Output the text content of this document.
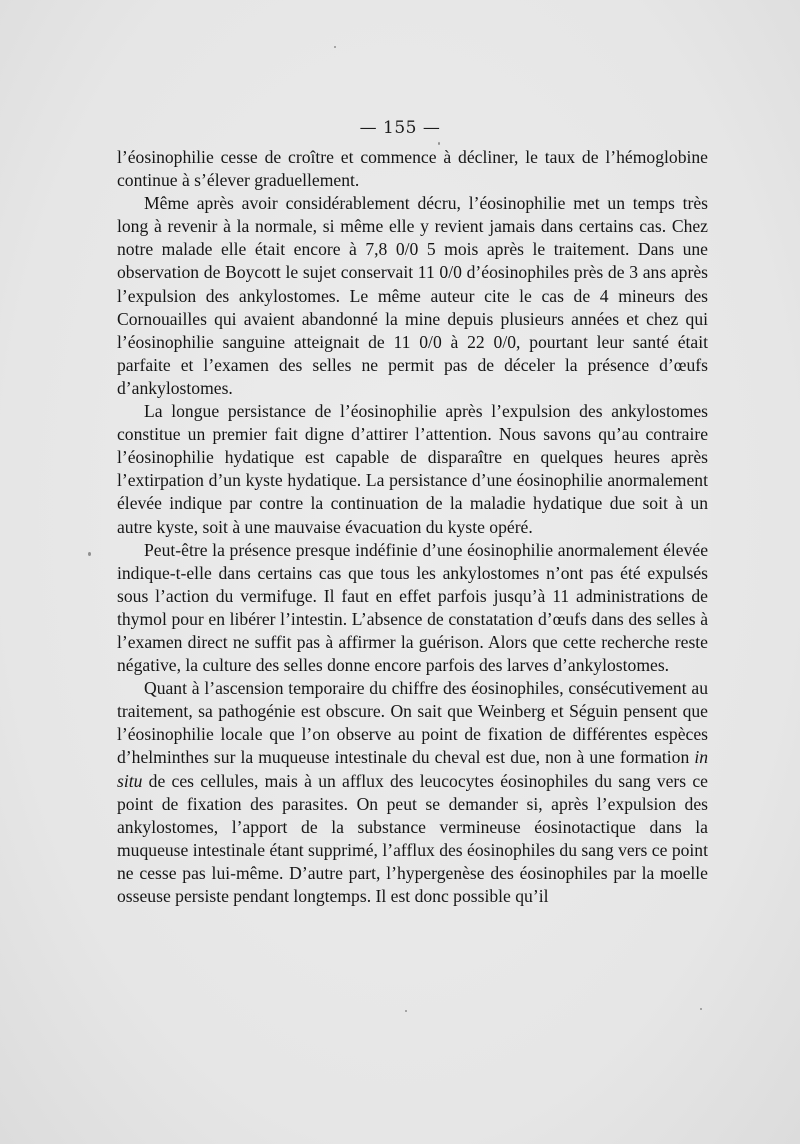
— 155 —

l’éosinophilie cesse de croître et commence à décliner, le taux de l’hémoglobine continue à s’élever graduellement.

Même après avoir considérablement décru, l’éosinophilie met un temps très long à revenir à la normale, si même elle y revient jamais dans certains cas. Chez notre malade elle était encore à 7,8 0/0 5 mois après le traitement. Dans une observation de Boycott le sujet conservait 11 0/0 d’éosinophiles près de 3 ans après l’expulsion des ankylostomes. Le même auteur cite le cas de 4 mineurs des Cornouailles qui avaient abandonné la mine depuis plusieurs années et chez qui l’éosinophilie sanguine atteignait de 11 0/0 à 22 0/0, pourtant leur santé était parfaite et l’examen des selles ne permit pas de déceler la présence d’œufs d’ankylostomes.

La longue persistance de l’éosinophilie après l’expulsion des ankylostomes constitue un premier fait digne d’attirer l’attention. Nous savons qu’au contraire l’éosinophilie hydatique est capable de disparaître en quelques heures après l’extirpation d’un kyste hydatique. La persistance d’une éosinophilie anormalement élevée indique par contre la continuation de la maladie hydatique due soit à un autre kyste, soit à une mauvaise évacuation du kyste opéré.

Peut-être la présence presque indéfinie d’une éosinophilie anormalement élevée indique-t-elle dans certains cas que tous les ankylostomes n’ont pas été expulsés sous l’action du vermifuge. Il faut en effet parfois jusqu’à 11 administrations de thymol pour en libérer l’intestin. L’absence de constatation d’œufs dans des selles à l’examen direct ne suffit pas à affirmer la guérison. Alors que cette recherche reste négative, la culture des selles donne encore parfois des larves d’ankylostomes.

Quant à l’ascension temporaire du chiffre des éosinophiles, consécutivement au traitement, sa pathogénie est obscure. On sait que Weinberg et Séguin pensent que l’éosinophilie locale que l’on observe au point de fixation de différentes espèces d’helminthes sur la muqueuse intestinale du cheval est due, non à une formation in situ de ces cellules, mais à un afflux des leucocytes éosinophiles du sang vers ce point de fixation des parasites. On peut se demander si, après l’expulsion des ankylostomes, l’apport de la substance vermineuse éosinotactique dans la muqueuse intestinale étant supprimé, l’afflux des éosinophiles du sang vers ce point ne cesse pas lui-même. D’autre part, l’hypergenèse des éosinophiles par la moelle osseuse persiste pendant longtemps. Il est donc possible qu’il
